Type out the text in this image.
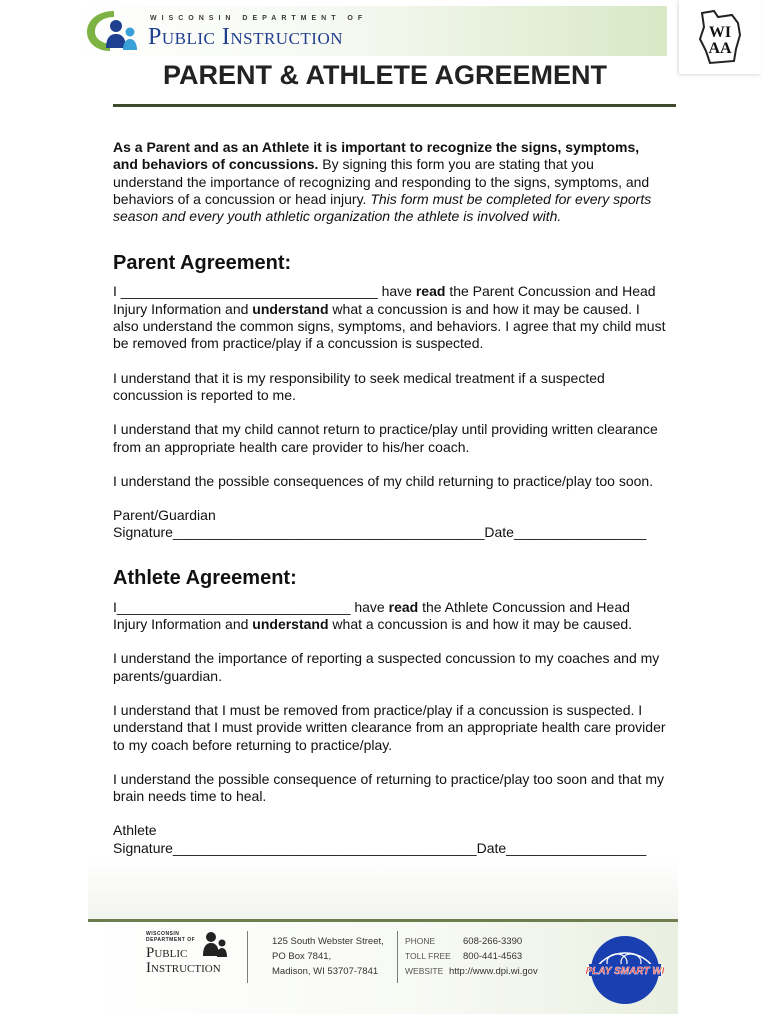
WISCONSIN DEPARTMENT OF
Public Instruction	WI
AA
PARENT & ATHLETE AGREEMENT

As a Parent and as an Athlete it is important to recognize the signs, symptoms,

and behaviors of concussions. By signing this form you are stating that you

understand the importance of recognizing and responding to the signs, symptoms, and

behaviors of a concussion or head injury. This form must be completed for every sports

season and every youth athletic organization the athlete is involved with.

Parent Agreement:

I _________________________________ have read the Parent Concussion and Head

Injury Information and understand what a concussion is and how it may be caused. I

also understand the common signs, symptoms, and behaviors. I agree that my child must

be removed from practice/play if a concussion is suspected.

I understand that it is my responsibility to seek medical treatment if a suspected

concussion is reported to me.

I understand that my child cannot return to practice/play until providing written clearance

from an appropriate health care provider to his/her coach.

I understand the possible consequences of my child returning to practice/play too soon.

Parent/Guardian

Signature________________________________________Date_________________

Athlete Agreement:

I______________________________ have read the Athlete Concussion and Head

Injury Information and understand what a concussion is and how it may be caused.

I understand the importance of reporting a suspected concussion to my coaches and my

parents/guardian.

I understand that I must be removed from practice/play if a concussion is suspected. I

understand that I must provide written clearance from an appropriate health care provider

to my coach before returning to practice/play.

I understand the possible consequence of returning to practice/play too soon and that my

brain needs time to heal.

Athlete

Signature_______________________________________Date__________________

WISCONSIN
DEPARTMENT OF
Public
Instruction
125 South Webster Street,
PO Box 7841,
Madison, WI 53707-7841
PHONE	608-266-3390
TOLL FREE 800-441-4563
WEBSITE http://www.dpi.wi.gov	PLAY SMART WI
